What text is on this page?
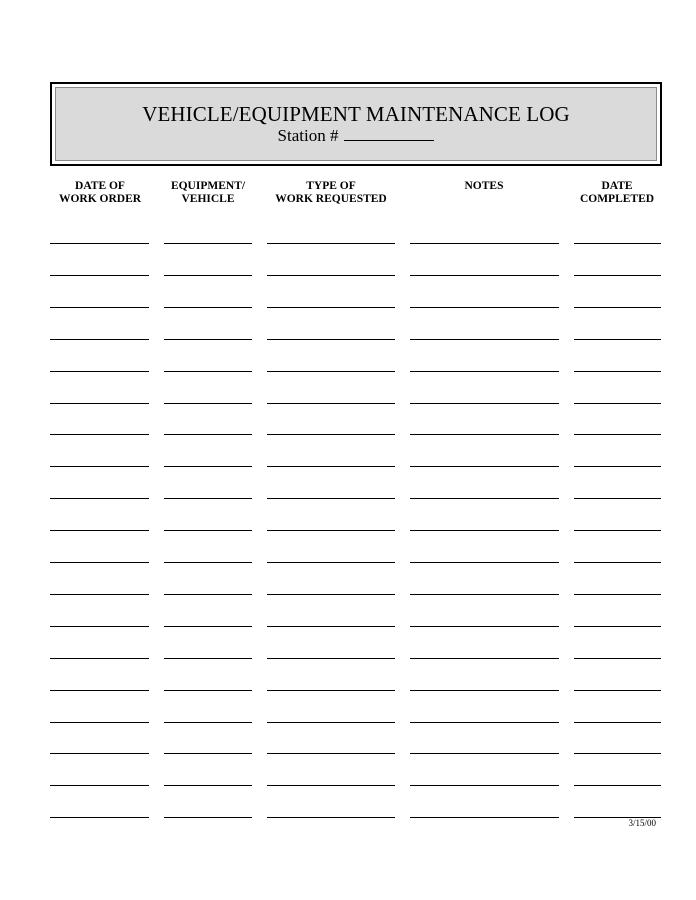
VEHICLE/EQUIPMENT MAINTENANCE LOG
Station #
DATE OF
WORK ORDER
EQUIPMENT/
VEHICLE
TYPE OF
WORK REQUESTED
NOTES	DATE
COMPLETED
3/15/00
